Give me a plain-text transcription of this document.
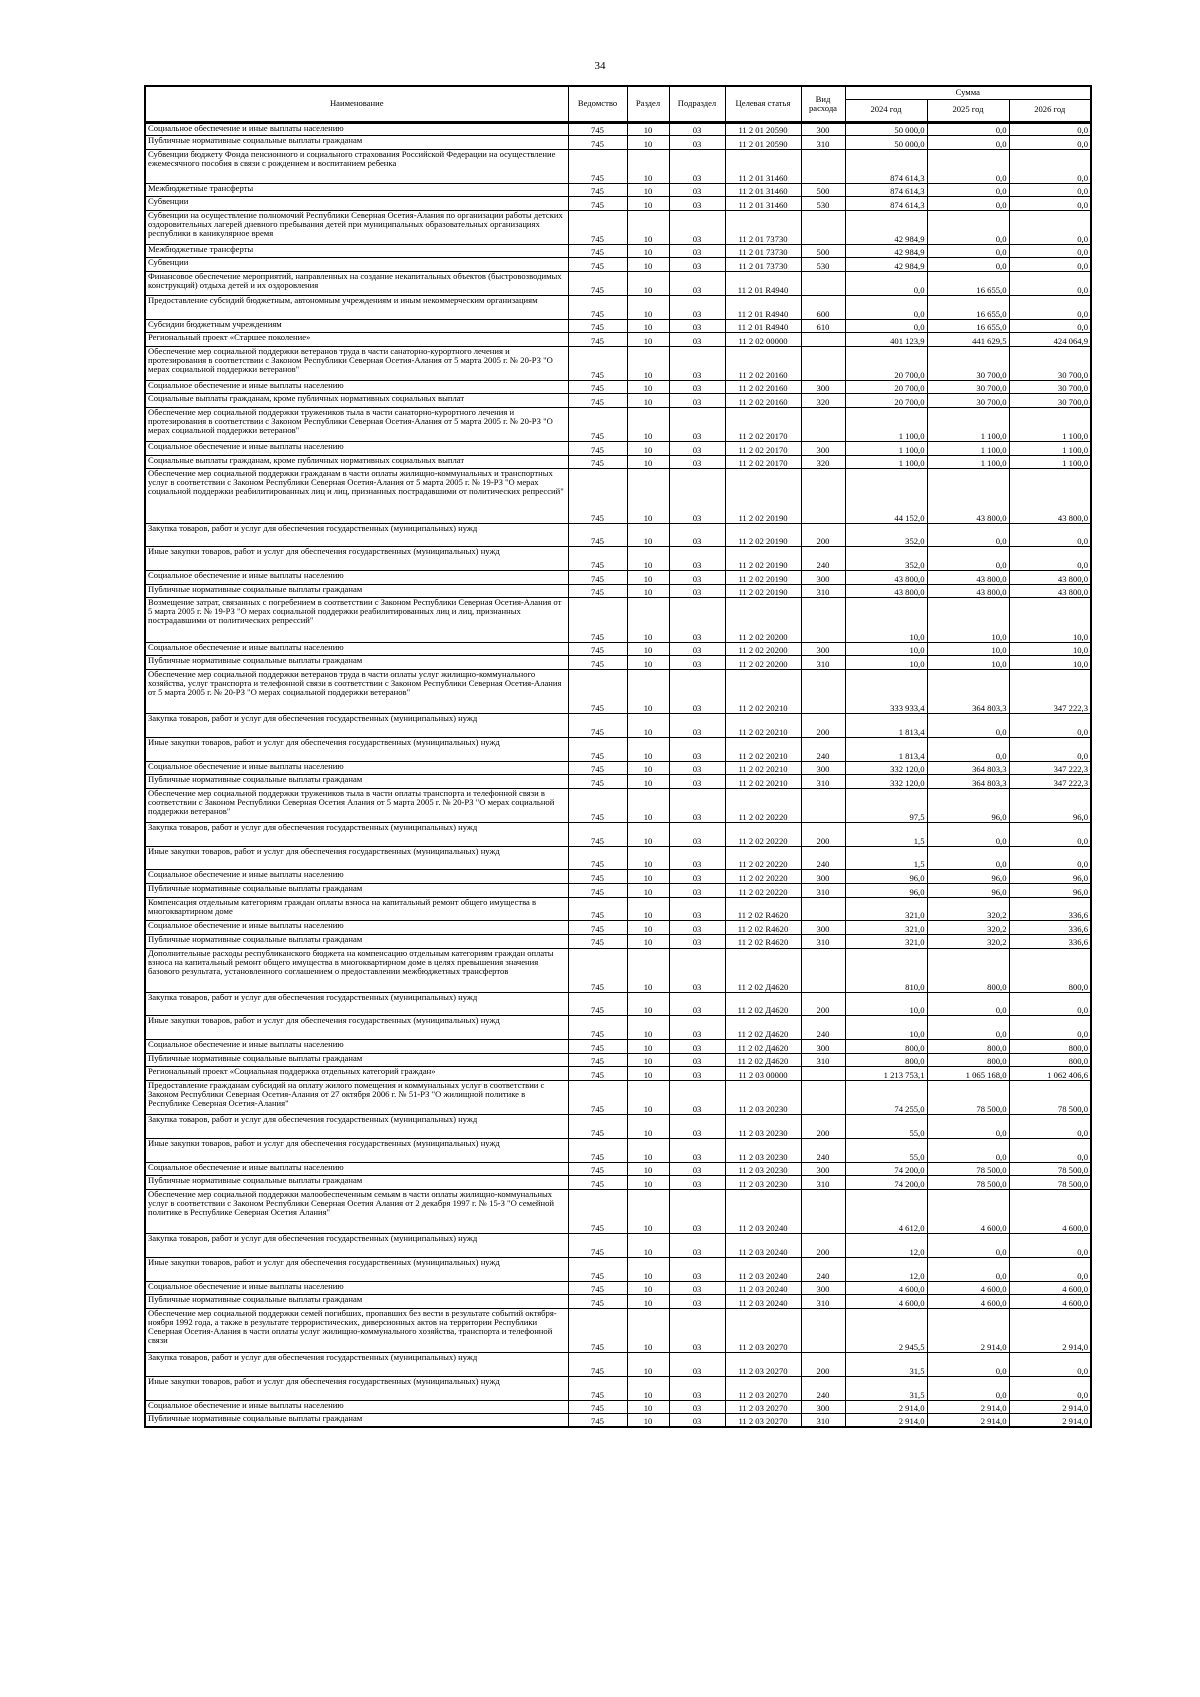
34
Наименование	Ведомство	Раздел	Подраздел	Целевая статья	Вид расхода	Сумма		
						2024 год	2025 год	2026 год
Социальное обеспечение и иные выплаты населению	745	10	03	11 2 01 20590	300	50 000,0	0,0	0,0
Публичные нормативные социальные выплаты гражданам	745	10	03	11 2 01 20590	310	50 000,0	0,0	0,0
Субвенции бюджету Фонда пенсионного и социального страхования Российской Федерации на осуществление ежемесячного пособия в связи с рождением и воспитанием ребенка	745	10	03	11 2 01 31460		874 614,3	0,0	0,0
Межбюджетные трансферты	745	10	03	11 2 01 31460	500	874 614,3	0,0	0,0
Субвенции	745	10	03	11 2 01 31460	530	874 614,3	0,0	0,0
Субвенции на осуществление полномочий Республики Северная Осетия-Алания по организации работы детских оздоровительных лагерей дневного пребывания детей при муниципальных образовательных организациях республики в каникулярное время	745	10	03	11 2 01 73730		42 984,9	0,0	0,0
Межбюджетные трансферты	745	10	03	11 2 01 73730	500	42 984,9	0,0	0,0
Субвенции	745	10	03	11 2 01 73730	530	42 984,9	0,0	0,0
Финансовое обеспечение мероприятий, направленных на создание некапитальных объектов (быстровозводимых конструкций) отдыха детей и их оздоровления	745	10	03	11 2 01 R4940		0,0	16 655,0	0,0
Предоставление субсидий бюджетным, автономным учреждениям и иным некоммерческим организациям	745	10	03	11 2 01 R4940	600	0,0	16 655,0	0,0
Субсидии бюджетным учреждениям	745	10	03	11 2 01 R4940	610	0,0	16 655,0	0,0
Региональный проект «Старшее поколение»	745	10	03	11 2 02 00000		401 123,9	441 629,5	424 064,9
Обеспечение мер социальной поддержки ветеранов труда в части санаторно-курортного лечения и протезирования в соответствии с Законом Республики Северная Осетия-Алания от 5 марта 2005 г. № 20-РЗ "О мерах социальной поддержки ветеранов"	745	10	03	11 2 02 20160		20 700,0	30 700,0	30 700,0
Социальное обеспечение и иные выплаты населению	745	10	03	11 2 02 20160	300	20 700,0	30 700,0	30 700,0
Социальные выплаты гражданам, кроме публичных нормативных социальных выплат	745	10	03	11 2 02 20160	320	20 700,0	30 700,0	30 700,0
Обеспечение мер социальной поддержки тружеников тыла в части санаторно-курортного лечения и протезирования в соответствии с Законом Республики Северная Осетия-Алания от 5 марта 2005 г. № 20-РЗ "О мерах социальной поддержки ветеранов"	745	10	03	11 2 02 20170		1 100,0	1 100,0	1 100,0
Социальное обеспечение и иные выплаты населению	745	10	03	11 2 02 20170	300	1 100,0	1 100,0	1 100,0
Социальные выплаты гражданам, кроме публичных нормативных социальных выплат	745	10	03	11 2 02 20170	320	1 100,0	1 100,0	1 100,0
Обеспечение мер социальной поддержки гражданам в части оплаты жилищно-коммунальных и транспортных услуг в соответствии с Законом Республики Северная Осетия-Алания от 5 марта 2005 г. № 19-РЗ "О мерах социальной поддержки реабилитированных лиц и лиц, признанных пострадавшими от политических репрессий"	745	10	03	11 2 02 20190		44 152,0	43 800,0	43 800,0
Закупка товаров, работ и услуг для обеспечения государственных (муниципальных) нужд	745	10	03	11 2 02 20190	200	352,0	0,0	0,0
Иные закупки товаров, работ и услуг для обеспечения государственных (муниципальных) нужд	745	10	03	11 2 02 20190	240	352,0	0,0	0,0
Социальное обеспечение и иные выплаты населению	745	10	03	11 2 02 20190	300	43 800,0	43 800,0	43 800,0
Публичные нормативные социальные выплаты гражданам	745	10	03	11 2 02 20190	310	43 800,0	43 800,0	43 800,0
Возмещение затрат, связанных с погребением в соответствии с Законом Республики Северная Осетия-Алания от 5 марта 2005 г. № 19-РЗ "О мерах социальной поддержки реабилитированных лиц и лиц, признанных пострадавшими от политических репрессий"	745	10	03	11 2 02 20200		10,0	10,0	10,0
Социальное обеспечение и иные выплаты населению	745	10	03	11 2 02 20200	300	10,0	10,0	10,0
Публичные нормативные социальные выплаты гражданам	745	10	03	11 2 02 20200	310	10,0	10,0	10,0
Обеспечение мер социальной поддержки ветеранов труда в части оплаты услуг жилищно-коммунального хозяйства, услуг транспорта и телефонной связи в соответствии с Законом Республики Северная Осетия-Алания от 5 марта 2005 г. № 20-РЗ "О мерах социальной поддержки ветеранов"	745	10	03	11 2 02 20210		333 933,4	364 803,3	347 222,3
Закупка товаров, работ и услуг для обеспечения государственных (муниципальных) нужд	745	10	03	11 2 02 20210	200	1 813,4	0,0	0,0
Иные закупки товаров, работ и услуг для обеспечения государственных (муниципальных) нужд	745	10	03	11 2 02 20210	240	1 813,4	0,0	0,0
Социальное обеспечение и иные выплаты населению	745	10	03	11 2 02 20210	300	332 120,0	364 803,3	347 222,3
Публичные нормативные социальные выплаты гражданам	745	10	03	11 2 02 20210	310	332 120,0	364 803,3	347 222,3
Обеспечение мер социальной поддержки тружеников тыла в части оплаты транспорта и телефонной связи в соответствии с Законом Республики Северная Осетия Алания от 5 марта 2005 г. № 20-РЗ "О мерах социальной поддержки ветеранов"	745	10	03	11 2 02 20220		97,5	96,0	96,0
Закупка товаров, работ и услуг для обеспечения государственных (муниципальных) нужд	745	10	03	11 2 02 20220	200	1,5	0,0	0,0
Иные закупки товаров, работ и услуг для обеспечения государственных (муниципальных) нужд	745	10	03	11 2 02 20220	240	1,5	0,0	0,0
Социальное обеспечение и иные выплаты населению	745	10	03	11 2 02 20220	300	96,0	96,0	96,0
Публичные нормативные социальные выплаты гражданам	745	10	03	11 2 02 20220	310	96,0	96,0	96,0
Компенсация отдельным категориям граждан оплаты взноса на капитальный ремонт общего имущества в многоквартирном доме	745	10	03	11 2 02 R4620		321,0	320,2	336,6
Социальное обеспечение и иные выплаты населению	745	10	03	11 2 02 R4620	300	321,0	320,2	336,6
Публичные нормативные социальные выплаты гражданам	745	10	03	11 2 02 R4620	310	321,0	320,2	336,6
Дополнительные расходы республиканского бюджета на компенсацию отдельным категориям граждан оплаты взноса на капитальный ремонт общего имущества в многоквартирном доме в целях превышения значения базового результата, установленного соглашением о предоставлении межбюджетных трансфертов	745	10	03	11 2 02 Д4620		810,0	800,0	800,0
Закупка товаров, работ и услуг для обеспечения государственных (муниципальных) нужд	745	10	03	11 2 02 Д4620	200	10,0	0,0	0,0
Иные закупки товаров, работ и услуг для обеспечения государственных (муниципальных) нужд	745	10	03	11 2 02 Д4620	240	10,0	0,0	0,0
Социальное обеспечение и иные выплаты населению	745	10	03	11 2 02 Д4620	300	800,0	800,0	800,0
Публичные нормативные социальные выплаты гражданам	745	10	03	11 2 02 Д4620	310	800,0	800,0	800,0
Региональный проект «Социальная поддержка отдельных категорий граждан»	745	10	03	11 2 03 00000		1 213 753,1	1 065 168,0	1 062 406,6
Предоставление гражданам субсидий на оплату жилого помещения и коммунальных услуг в соответствии с Законом Республики Северная Осетия-Алания от 27 октября 2006 г. № 51-РЗ "О жилищной политике в Республике Северная Осетия-Алания"	745	10	03	11 2 03 20230		74 255,0	78 500,0	78 500,0
Закупка товаров, работ и услуг для обеспечения государственных (муниципальных) нужд	745	10	03	11 2 03 20230	200	55,0	0,0	0,0
Иные закупки товаров, работ и услуг для обеспечения государственных (муниципальных) нужд	745	10	03	11 2 03 20230	240	55,0	0,0	0,0
Социальное обеспечение и иные выплаты населению	745	10	03	11 2 03 20230	300	74 200,0	78 500,0	78 500,0
Публичные нормативные социальные выплаты гражданам	745	10	03	11 2 03 20230	310	74 200,0	78 500,0	78 500,0
Обеспечение мер социальной поддержки малообеспеченным семьям в части оплаты жилищно-коммунальных услуг в соответствии с Законом Республики Северная Осетия Алания от 2 декабря 1997 г. № 15-З "О семейной политике в Республике Северная Осетия Алания"	745	10	03	11 2 03 20240		4 612,0	4 600,0	4 600,0
Закупка товаров, работ и услуг для обеспечения государственных (муниципальных) нужд	745	10	03	11 2 03 20240	200	12,0	0,0	0,0
Иные закупки товаров, работ и услуг для обеспечения государственных (муниципальных) нужд	745	10	03	11 2 03 20240	240	12,0	0,0	0,0
Социальное обеспечение и иные выплаты населению	745	10	03	11 2 03 20240	300	4 600,0	4 600,0	4 600,0
Публичные нормативные социальные выплаты гражданам	745	10	03	11 2 03 20240	310	4 600,0	4 600,0	4 600,0
Обеспечение мер социальной поддержки семей погибших, пропавших без вести в результате событий октября-ноября 1992 года, а также в результате террористических, диверсионных актов на территории Республики Северная Осетия-Алания в части оплаты услуг жилищно-коммунального хозяйства, транспорта и телефонной связи	745	10	03	11 2 03 20270		2 945,5	2 914,0	2 914,0
Закупка товаров, работ и услуг для обеспечения государственных (муниципальных) нужд	745	10	03	11 2 03 20270	200	31,5	0,0	0,0
Иные закупки товаров, работ и услуг для обеспечения государственных (муниципальных) нужд	745	10	03	11 2 03 20270	240	31,5	0,0	0,0
Социальное обеспечение и иные выплаты населению	745	10	03	11 2 03 20270	300	2 914,0	2 914,0	2 914,0
Публичные нормативные социальные выплаты гражданам	745	10	03	11 2 03 20270	310	2 914,0	2 914,0	2 914,0
